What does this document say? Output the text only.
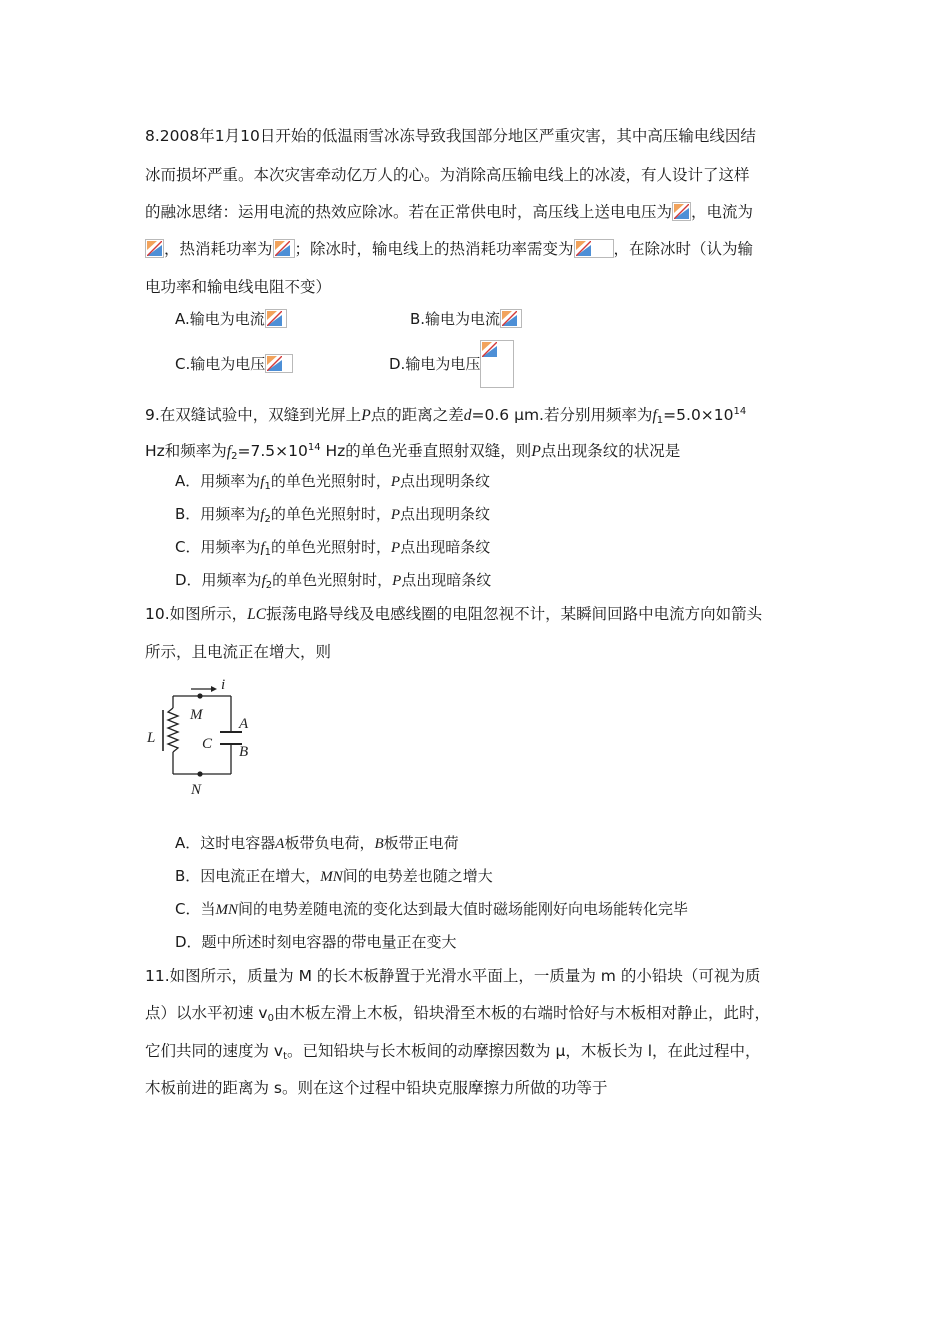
8.2008年1月10日开始的低温雨雪冰冻导致我国部分地区严重灾害，其中高压输电线因结
冰而损坏严重。本次灾害牵动亿万人的心。为消除高压输电线上的冰凌，有人设计了这样
的融冰思绪：运用电流的热效应除冰。若在正常供电时，高压线上送电电压为 ，电流为
，热消耗功率为 ；除冰时，输电线上的热消耗功率需变为	，在除冰时（认为输
电功率和输电线电阻不变）
A.输电为电流	B.输电为电流
C.输电为电压	D.输电为电压
9.在双缝试验中，双缝到光屏上P点的距离之差d=0.6 μm.若分别用频率为$f_1=5.0\times 10^{14}$
Hz和频率为$f_2=7.5\times 10^{14}$ Hz的单色光垂直照射双缝，则P点出现条纹的状况是
A．用频率为$f_1$的单色光照射时，P点出现明条纹
B．用频率为$f_2$的单色光照射时，P点出现明条纹
C．用频率为$f_1$的单色光照射时，P点出现暗条纹
D．用频率为$f_2$的单色光照射时，P点出现暗条纹
10.如图所示，LC振荡电路导线及电感线圈的电阻忽视不计，某瞬间回路中电流方向如箭头
所示，且电流正在增大，则
i
M
L
A
C B
N
A．这时电容器A板带负电荷，B板带正电荷
B．因电流正在增大，MN间的电势差也随之增大
C．当MN间的电势差随电流的变化达到最大值时磁场能刚好向电场能转化完毕
D．题中所述时刻电容器的带电量正在变大
11.如图所示，质量为 M 的长木板静置于光滑水平面上，一质量为 m 的小铅块（可视为质
点）以水平初速 $v_0$由木板左滑上木板，铅块滑至木板的右端时恰好与木板相对静止，此时，
它们共同的速度为 $v_t$。已知铅块与长木板间的动摩擦因数为 μ，木板长为 l，在此过程中，
木板前进的距离为 s。则在这个过程中铅块克服摩擦力所做的功等于
